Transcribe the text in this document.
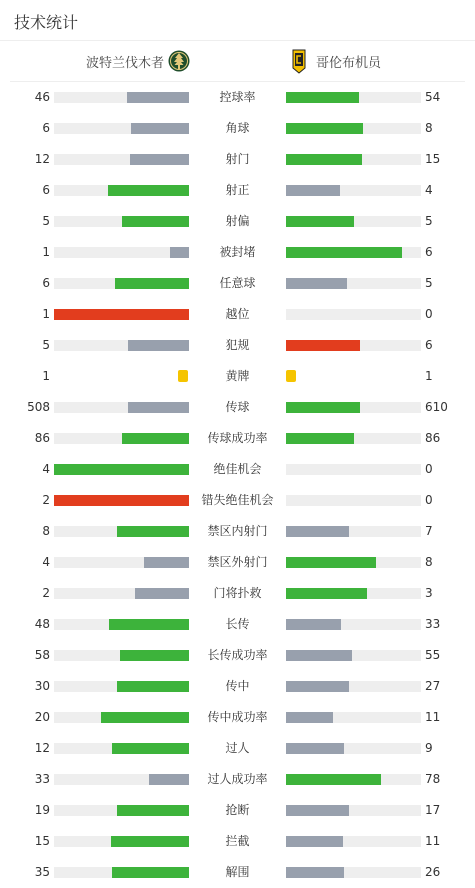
技术统计
波特兰伐木者	哥伦布机员
46	控球率	54
6	角球	8
12	射门	15
6	射正	4
5	射偏	5
1	被封堵	6
6	任意球	5
1	越位	0
5	犯规	6
1	黄牌	1
508	传球	610
86	传球成功率	86
4	绝佳机会	0
2	错失绝佳机会	0
8	禁区内射门	7
4	禁区外射门	8
2	门将扑救	3
48	长传	33
58	长传成功率	55
30	传中	27
20	传中成功率	11
12	过人	9
33	过人成功率	78
19	抢断	17
15	拦截	11
35	解围	26
